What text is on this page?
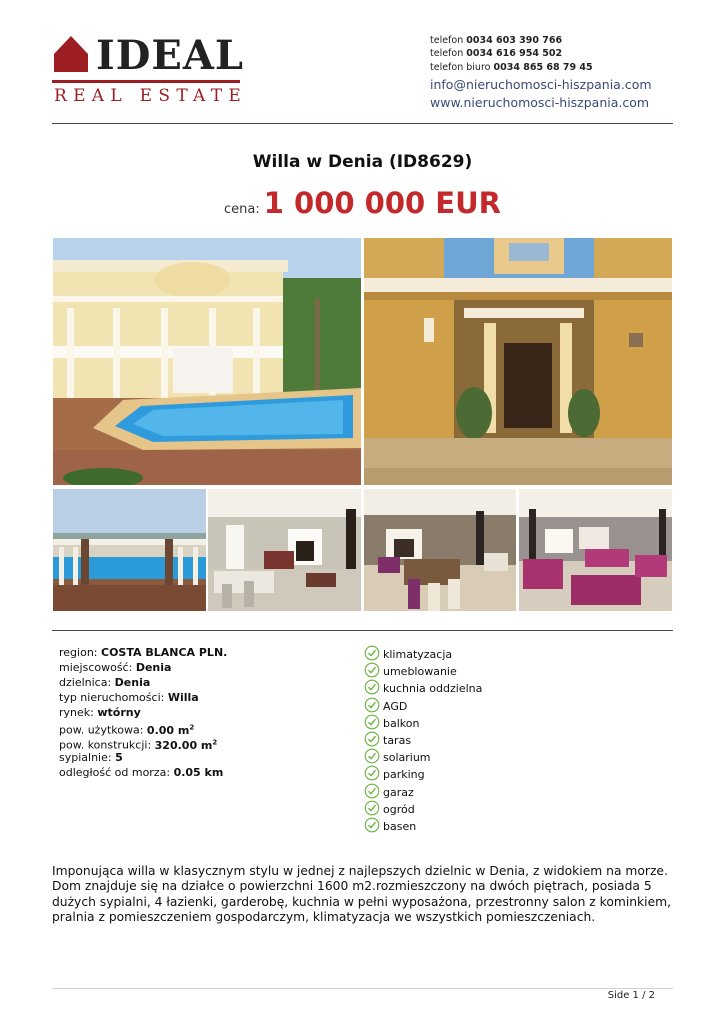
IDEAL
REAL ESTATE
telefon 0034 603 390 766
telefon 0034 616 954 502
telefon biuro 0034 865 68 79 45
info@nieruchomosci-hiszpania.com
www.nieruchomosci-hiszpania.com
Willa w Denia (ID8629)
cena: 1 000 000 EUR
region: COSTA BLANCA PLN.
miejscowość: Denia
dzielnica: Denia
typ nieruchomości: Willa
rynek: wtórny
pow. użytkowa: 0.00 $m^2$
pow. konstrukcji: 320.00 $m^2$
sypialnie: 5
odległość od morza: 0.05 km
klimatyzacja
umeblowanie
kuchnia oddzielna
AGD
balkon
taras
solarium
parking
garaz
ogród
basen
Imponująca willa w klasycznym stylu w jednej z najlepszych dzielnic w Denia, z widokiem na morze. Dom znajduje się na działce o powierzchni 1600 m2.rozmieszczony na dwóch piętrach, posiada 5 dużych sypialni, 4 łazienki, garderobę, kuchnia w pełni wyposażona, przestronny salon z kominkiem, pralnia z pomieszczeniem gospodarczym, klimatyzacja we wszystkich pomieszczeniach.
Side 1 / 2
